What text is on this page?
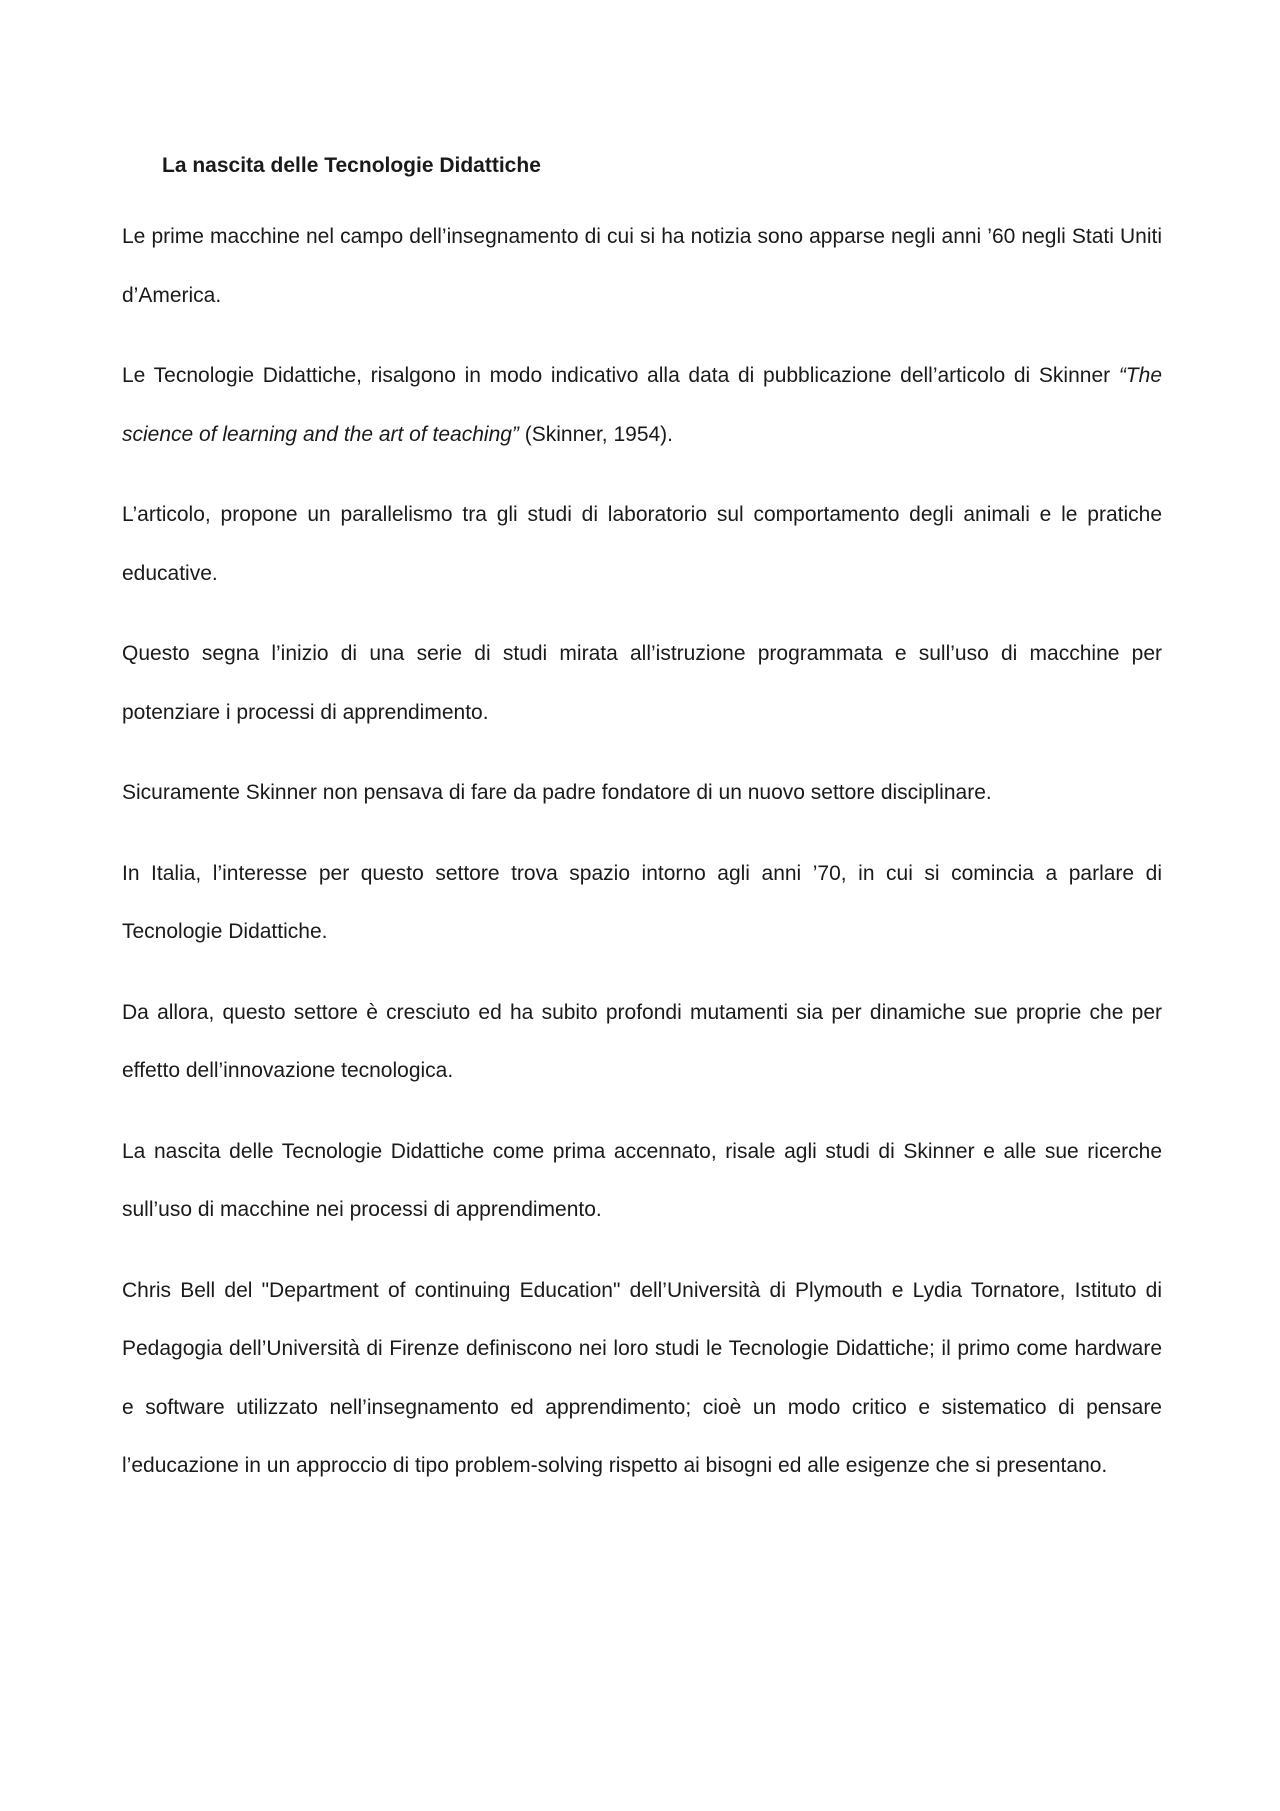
La nascita delle Tecnologie Didattiche

Le prime macchine nel campo dell’insegnamento di cui si ha notizia sono apparse negli anni ’60 negli Stati Uniti d’America.

Le Tecnologie Didattiche, risalgono in modo indicativo alla data di pubblicazione dell’articolo di Skinner “The science of learning and the art of teaching” (Skinner, 1954).

L’articolo, propone un parallelismo tra gli studi di laboratorio sul comportamento degli animali e le pratiche educative.

Questo segna l’inizio di una serie di studi mirata all’istruzione programmata e sull’uso di macchine per potenziare i processi di apprendimento.

Sicuramente Skinner non pensava di fare da padre fondatore di un nuovo settore disciplinare.

In Italia, l’interesse per questo settore trova spazio intorno agli anni ’70, in cui si comincia a parlare di Tecnologie Didattiche.

Da allora, questo settore è cresciuto ed ha subito profondi mutamenti sia per dinamiche sue proprie che per effetto dell’innovazione tecnologica.

La nascita delle Tecnologie Didattiche come prima accennato, risale agli studi di Skinner e alle sue ricerche sull’uso di macchine nei processi di apprendimento.

Chris Bell del "Department of continuing Education" dell’Università di Plymouth e Lydia Tornatore, Istituto di Pedagogia dell’Università di Firenze definiscono nei loro studi le Tecnologie Didattiche; il primo come hardware e software utilizzato nell’insegnamento ed apprendimento; cioè un modo critico e sistematico di pensare l’educazione in un approccio di tipo problem-solving rispetto ai bisogni ed alle esigenze che si presentano.
